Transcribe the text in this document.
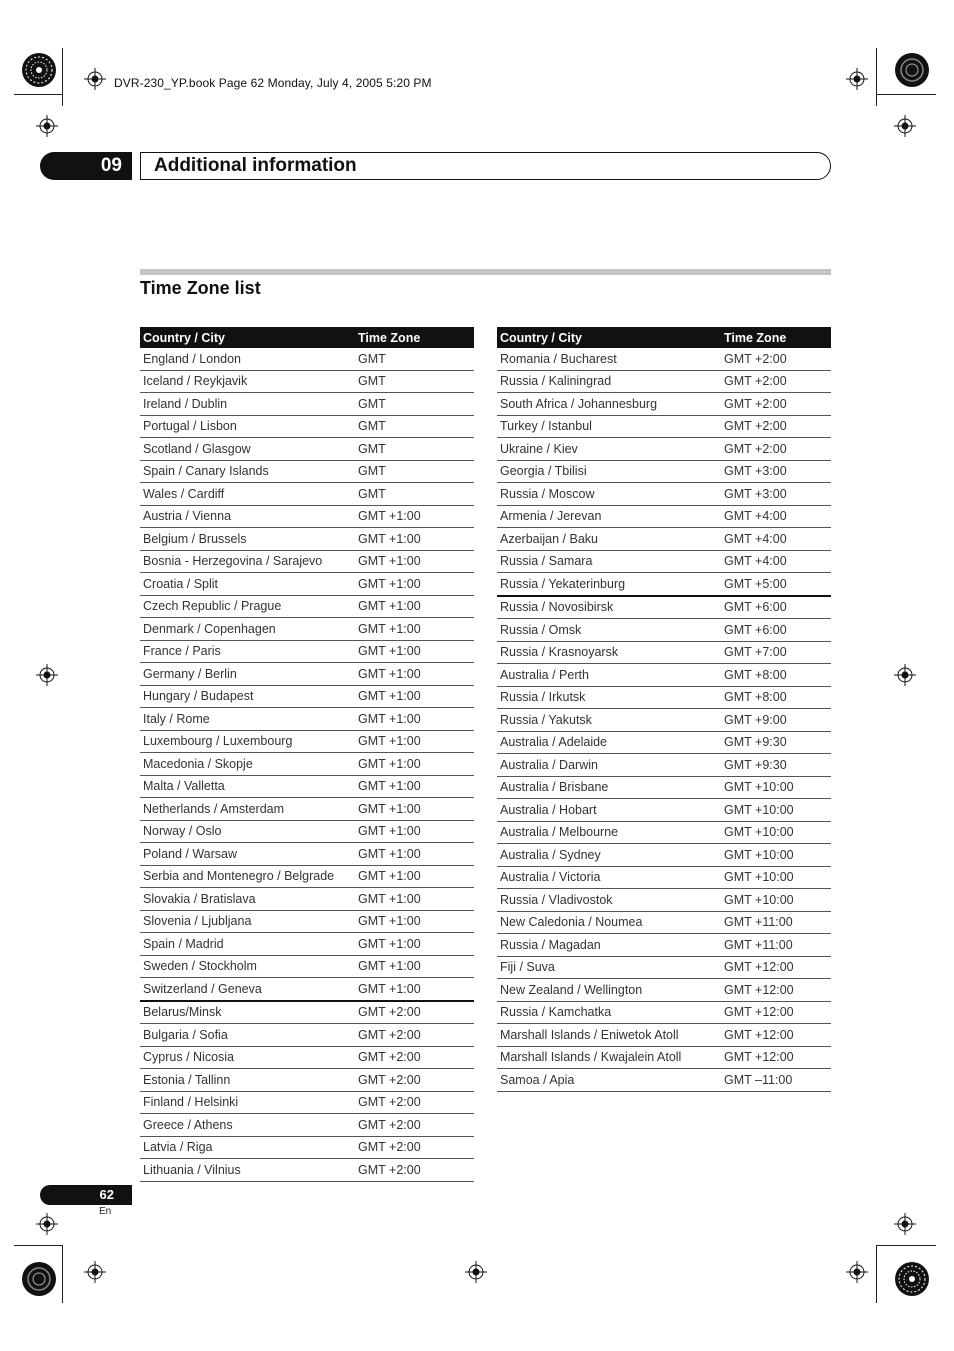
DVR-230_YP.book Page 62 Monday, July 4, 2005 5:20 PM
09	Additional information
Time Zone list
Country / City	Time Zone
England / London	GMT
Iceland / Reykjavik	GMT
Ireland / Dublin	GMT
Portugal / Lisbon	GMT
Scotland / Glasgow	GMT
Spain / Canary Islands	GMT
Wales / Cardiff	GMT
Austria / Vienna	GMT +1:00
Belgium / Brussels	GMT +1:00
Bosnia - Herzegovina / Sarajevo	GMT +1:00
Croatia / Split	GMT +1:00
Czech Republic / Prague	GMT +1:00
Denmark / Copenhagen	GMT +1:00
France / Paris	GMT +1:00
Germany / Berlin	GMT +1:00
Hungary / Budapest	GMT +1:00
Italy / Rome	GMT +1:00
Luxembourg / Luxembourg	GMT +1:00
Macedonia / Skopje	GMT +1:00
Malta / Valletta	GMT +1:00
Netherlands / Amsterdam	GMT +1:00
Norway / Oslo	GMT +1:00
Poland / Warsaw	GMT +1:00
Serbia and Montenegro / Belgrade	GMT +1:00
Slovakia / Bratislava	GMT +1:00
Slovenia / Ljubljana	GMT +1:00
Spain / Madrid	GMT +1:00
Sweden / Stockholm	GMT +1:00
Switzerland / Geneva	GMT +1:00
Belarus/Minsk	GMT +2:00
Bulgaria / Sofia	GMT +2:00
Cyprus / Nicosia	GMT +2:00
Estonia / Tallinn	GMT +2:00
Finland / Helsinki	GMT +2:00
Greece / Athens	GMT +2:00
Latvia / Riga	GMT +2:00
Lithuania / Vilnius	GMT +2:00
Country / City	Time Zone
Romania / Bucharest	GMT +2:00
Russia / Kaliningrad	GMT +2:00
South Africa / Johannesburg	GMT +2:00
Turkey / Istanbul	GMT +2:00
Ukraine / Kiev	GMT +2:00
Georgia / Tbilisi	GMT +3:00
Russia / Moscow	GMT +3:00
Armenia / Jerevan	GMT +4:00
Azerbaijan / Baku	GMT +4:00
Russia / Samara	GMT +4:00
Russia / Yekaterinburg	GMT +5:00
Russia / Novosibirsk	GMT +6:00
Russia / Omsk	GMT +6:00
Russia / Krasnoyarsk	GMT +7:00
Australia / Perth	GMT +8:00
Russia / Irkutsk	GMT +8:00
Russia / Yakutsk	GMT +9:00
Australia / Adelaide	GMT +9:30
Australia / Darwin	GMT +9:30
Australia / Brisbane	GMT +10:00
Australia / Hobart	GMT +10:00
Australia / Melbourne	GMT +10:00
Australia / Sydney	GMT +10:00
Australia / Victoria	GMT +10:00
Russia / Vladivostok	GMT +10:00
New Caledonia / Noumea	GMT +11:00
Russia / Magadan	GMT +11:00
Fiji / Suva	GMT +12:00
New Zealand / Wellington	GMT +12:00
Russia / Kamchatka	GMT +12:00
Marshall Islands / Eniwetok Atoll	GMT +12:00
Marshall Islands / Kwajalein Atoll	GMT +12:00
Samoa / Apia	GMT –11:00
62
En
